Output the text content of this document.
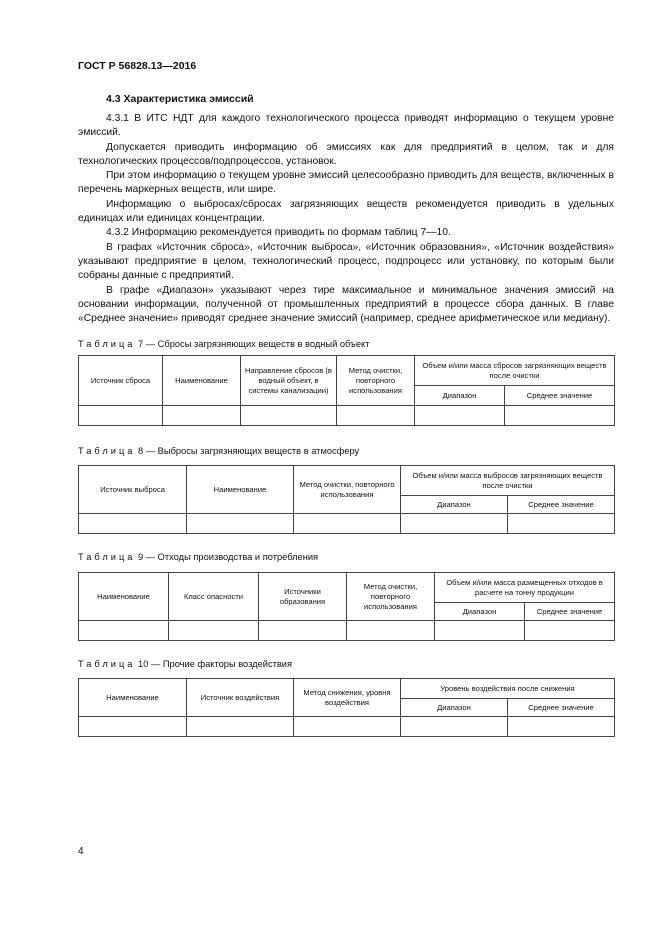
ГОСТ Р 56828.13—2016
4.3 Характеристика эмиссий

4.3.1 В ИТС НДТ для каждого технологического процесса приводят информацию о текущем уровне эмиссий.

Допускается приводить информацию об эмиссиях как для предприятий в целом, так и для технологических процессов/подпроцессов, установок.

При этом информацию о текущем уровне эмиссий целесообразно приводить для веществ, включенных в перечень маркерных веществ, или шире.

Информацию о выбросах/сбросах загрязняющих веществ рекомендуется приводить в удельных единицах или единицах концентрации.

4.3.2 Информацию рекомендуется приводить по формам таблиц 7—10.

В графах «Источник сброса», «Источник выброса», «Источник образования», «Источник воздействия» указывают предприятие в целом, технологический процесс, подпроцесс или установку, по которым были собраны данные с предприятий.

В графе «Диапазон» указывают через тире максимальное и минимальное значения эмиссий на основании информации, полученной от промышленных предприятий в процессе сбора данных. В главе «Среднее значение» приводят среднее значение эмиссий (например, среднее арифметическое или медиану).

Таблица 7 — Сбросы загрязняющих веществ в водный объект
Источник сброса	Наименование	Направление сбросов (в водный объект, в системы канализации)	Метод очистки, повторного использования	Объем и/или масса сбросов загрязняющих веществ после очистки	
				Диапазон	Среднее значение

Таблица 8 — Выбросы загрязняющих веществ в атмосферу
Источник выброса	Наименование	Метод очистки, повторного использования	Объем и/или масса выбросов загрязняющих веществ после очистки	
			Диапазон	Среднее значение

Таблица 9 — Отходы производства и потребления
Наименование	Класс опасности	Источники образования	Метод очистки, повторного использования	Объем и/или масса размещенных отходов в расчете на тонну продукции	
				Диапазон	Среднее значение

Таблица 10 — Прочие факторы воздействия
Наименование	Источник воздействия	Метод снижения, уровня воздействия	Уровень воздействия после снижения	
			Диапазон	Среднее значение

4
